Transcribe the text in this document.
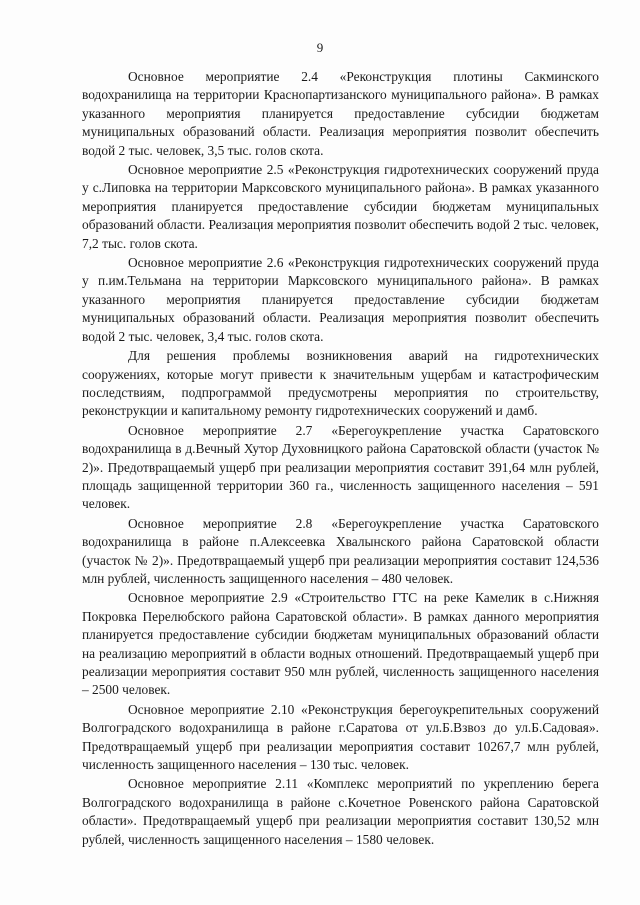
9

Основное мероприятие 2.4 «Реконструкция плотины Сакминского водохранилища на территории Краснопартизанского муниципального района». В рамках указанного мероприятия планируется предоставление субсидии бюджетам муниципальных образований области. Реализация мероприятия позволит обеспечить водой 2 тыс. человек, 3,5 тыс. голов скота.

Основное мероприятие 2.5 «Реконструкция гидротехнических сооружений пруда у с.Липовка на территории Марксовского муниципального района». В рамках указанного мероприятия планируется предоставление субсидии бюджетам муниципальных образований области. Реализация мероприятия позволит обеспечить водой 2 тыс. человек, 7,2 тыс. голов скота.

Основное мероприятие 2.6 «Реконструкция гидротехнических сооружений пруда у п.им.Тельмана на территории Марксовского муниципального района». В рамках указанного мероприятия планируется предоставление субсидии бюджетам муниципальных образований области. Реализация мероприятия позволит обеспечить водой 2 тыс. человек, 3,4 тыс. голов скота.

Для решения проблемы возникновения аварий на гидротехнических сооружениях, которые могут привести к значительным ущербам и катастрофическим последствиям, подпрограммой предусмотрены мероприятия по строительству, реконструкции и капитальному ремонту гидротехнических сооружений и дамб.

Основное мероприятие 2.7 «Берегоукрепление участка Саратовского водохранилища в д.Вечный Хутор Духовницкого района Саратовской области (участок № 2)». Предотвращаемый ущерб при реализации мероприятия составит 391,64 млн рублей, площадь защищенной территории 360 га., численность защищенного населения – 591 человек.

Основное мероприятие 2.8 «Берегоукрепление участка Саратовского водохранилища в районе п.Алексеевка Хвалынского района Саратовской области (участок № 2)». Предотвращаемый ущерб при реализации мероприятия составит 124,536 млн рублей, численность защищенного населения – 480 человек.

Основное мероприятие 2.9 «Строительство ГТС на реке Камелик в с.Нижняя Покровка Перелюбского района Саратовской области». В рамках данного мероприятия планируется предоставление субсидии бюджетам муниципальных образований области на реализацию мероприятий в области водных отношений. Предотвращаемый ущерб при реализации мероприятия составит 950 млн рублей, численность защищенного населения – 2500 человек.

Основное мероприятие 2.10 «Реконструкция берегоукрепительных сооружений Волгоградского водохранилища в районе г.Саратова от ул.Б.Взвоз до ул.Б.Садовая». Предотвращаемый ущерб при реализации мероприятия составит 10267,7 млн рублей, численность защищенного населения – 130 тыс. человек.

Основное мероприятие 2.11 «Комплекс мероприятий по укреплению берега Волгоградского водохранилища в районе с.Кочетное Ровенского района Саратовской области». Предотвращаемый ущерб при реализации мероприятия составит 130,52 млн рублей, численность защищенного населения – 1580 человек.
